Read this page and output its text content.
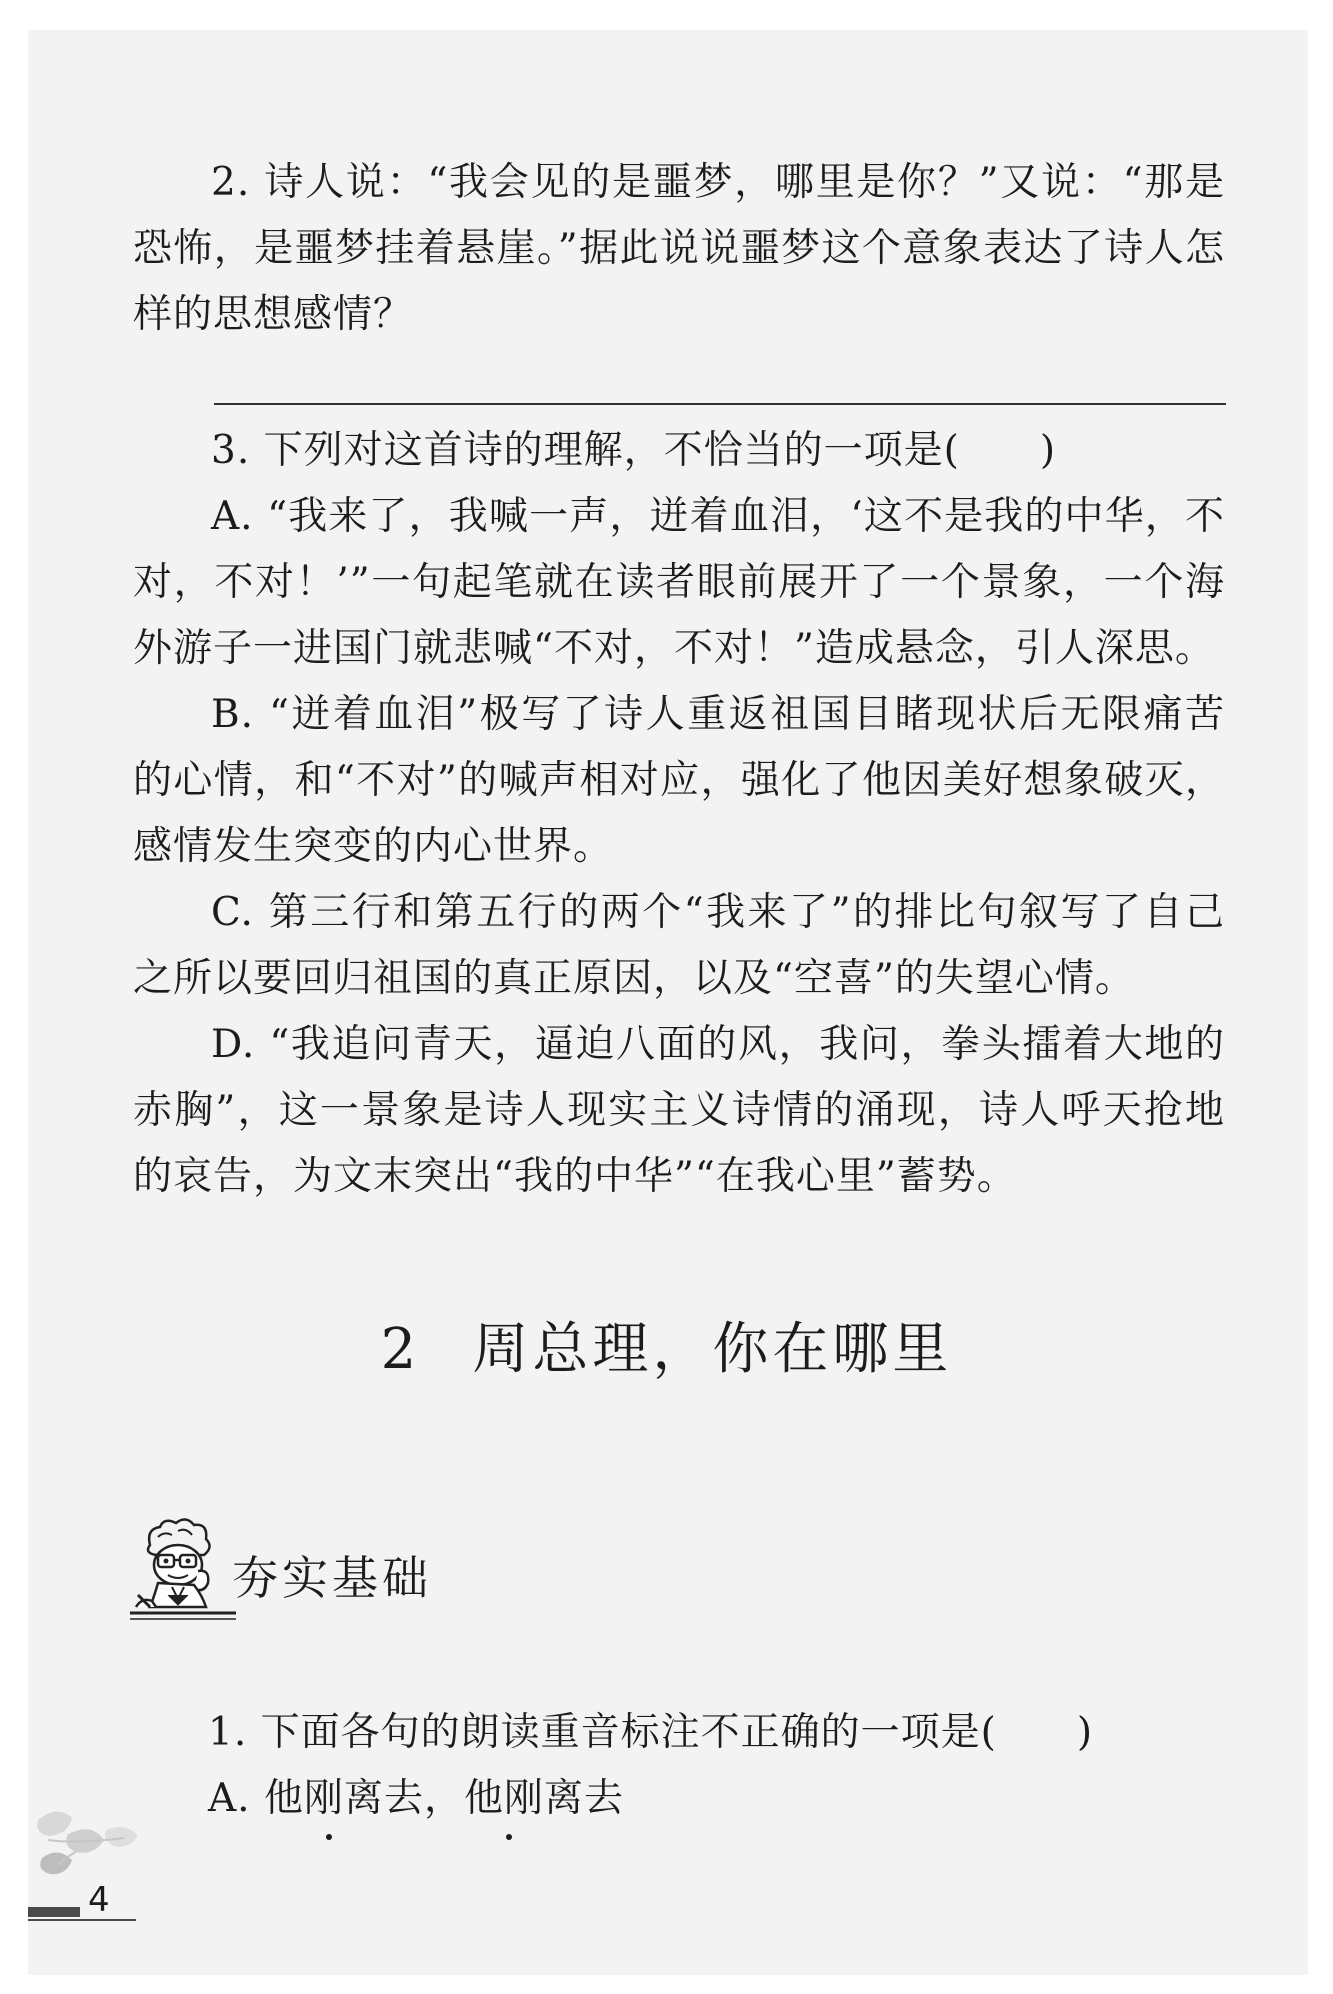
2. 诗人说：“我会见的是噩梦，哪里是你？”又说：“那是恐怖，是噩梦挂着悬崖。”据此说说噩梦这个意象表达了诗人怎样的思想感情？

3. 下列对这首诗的理解，不恰当的一项是(　　)

A. “我来了，我喊一声，迸着血泪，‘这不是我的中华，不对，不对！’”一句起笔就在读者眼前展开了一个景象，一个海外游子一进国门就悲喊“不对，不对！”造成悬念，引人深思。

B. “迸着血泪”极写了诗人重返祖国目睹现状后无限痛苦的心情，和“不对”的喊声相对应，强化了他因美好想象破灭，感情发生突变的内心世界。

C. 第三行和第五行的两个“我来了”的排比句叙写了自己之所以要回归祖国的真正原因，以及“空喜”的失望心情。

D. “我追问青天，逼迫八面的风，我问，拳头擂着大地的赤胸”，这一景象是诗人现实主义诗情的涌现，诗人呼天抢地的哀告，为文末突出“我的中华”“在我心里”蓄势。

2 周总理，你在哪里
夯实基础

1. 下面各句的朗读重音标注不正确的一项是(　　)

A. 他刚离去，他刚离去

4
